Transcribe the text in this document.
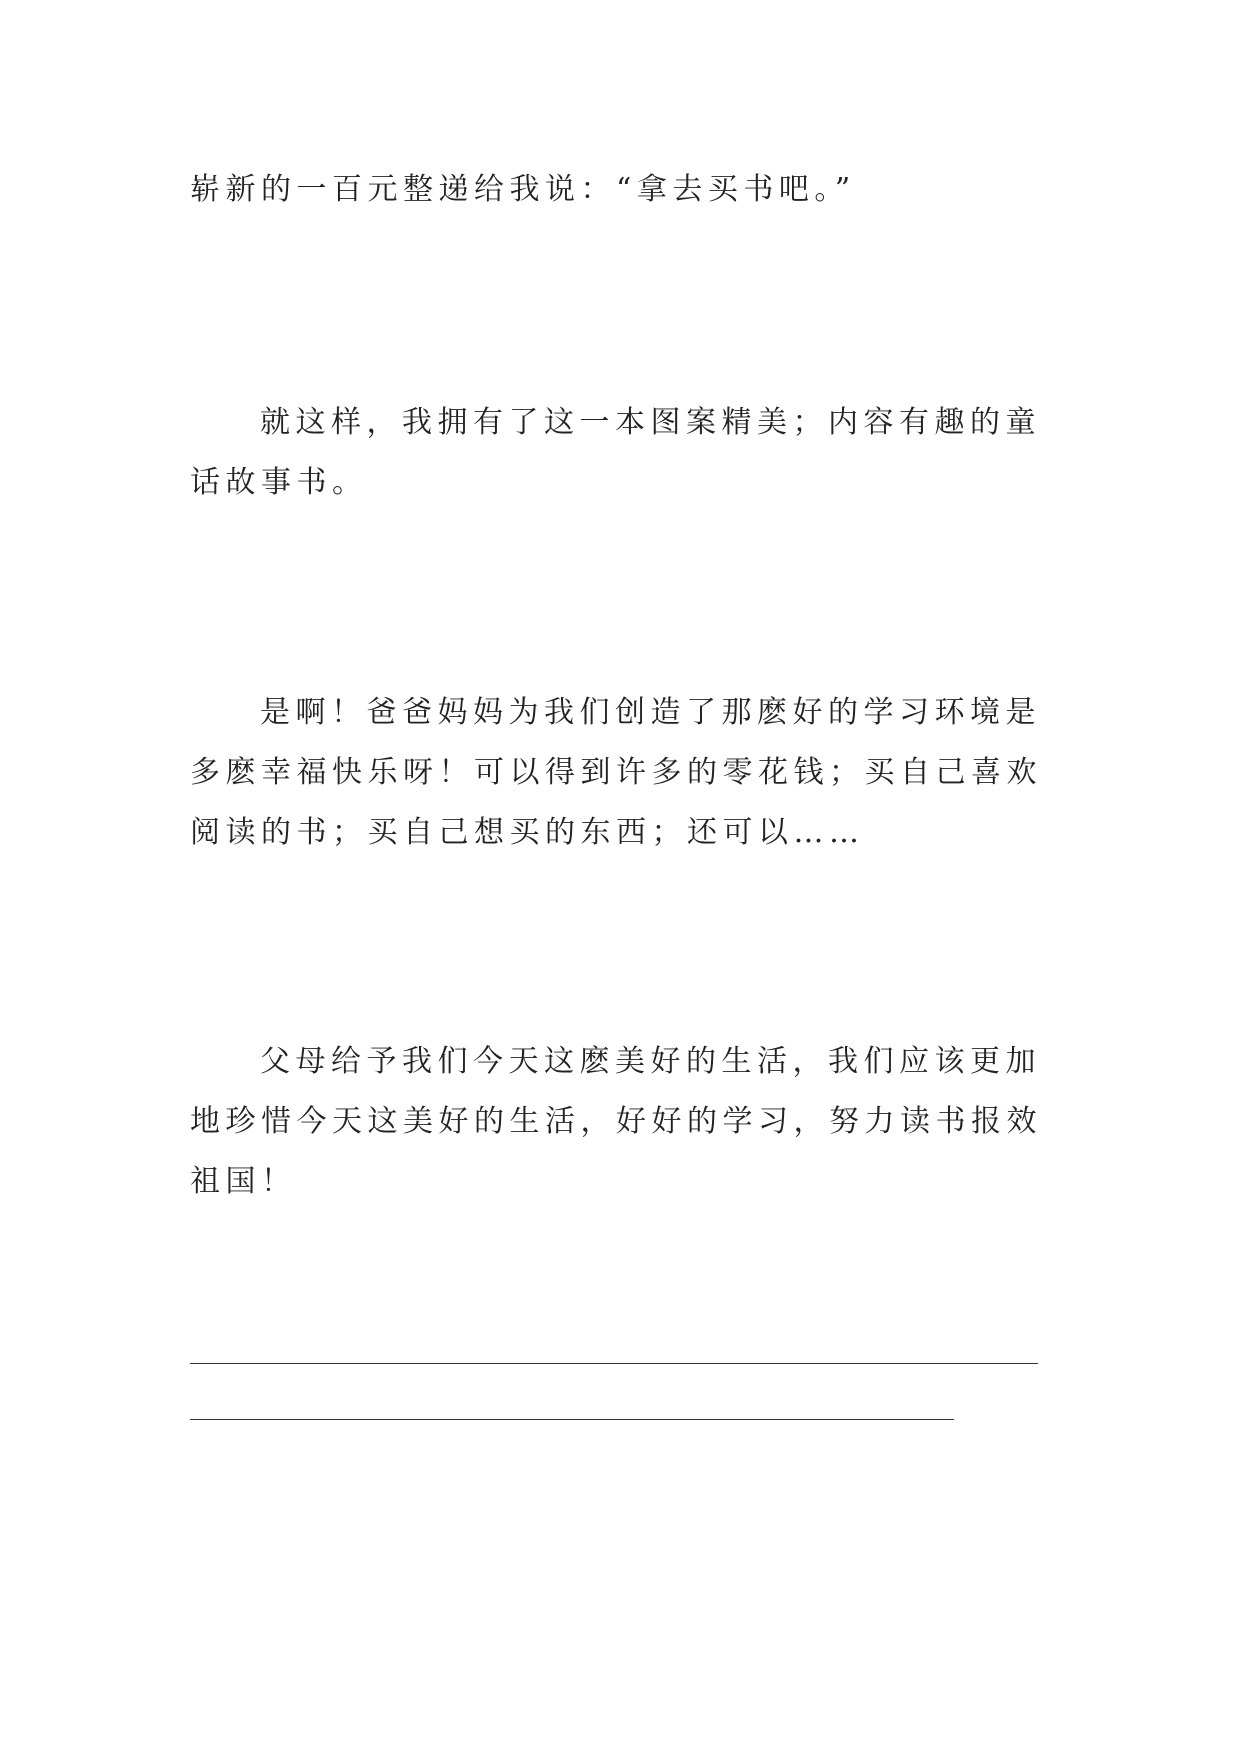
崭新的一百元整递给我说：“拿去买书吧。”

就这样，我拥有了这一本图案精美；内容有趣的童话故事书。

是啊！爸爸妈妈为我们创造了那麽好的学习环境是多麽幸福快乐呀！可以得到许多的零花钱；买自己喜欢阅读的书；买自己想买的东西；还可以……

父母给予我们今天这麽美好的生活，我们应该更加地珍惜今天这美好的生活，好好的学习，努力读书报效祖国！
